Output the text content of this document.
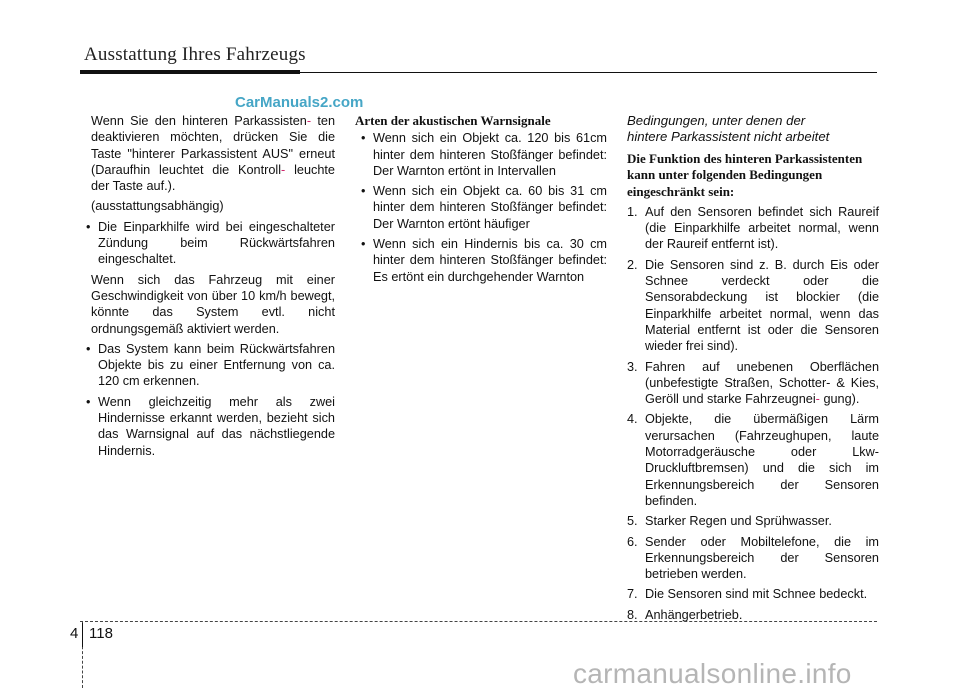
Ausstattung Ihres Fahrzeugs
CarManuals2.com

Wenn Sie den hinteren Parkassisten- ten deaktivieren möchten, drücken Sie die Taste "hinterer Parkassistent AUS" erneut (Daraufhin leuchtet die Kontroll- leuchte der Taste auf.).

(ausstattungsabhängig)

• Die Einparkhilfe wird bei eingeschalteter Zündung beim Rückwärtsfahren eingeschaltet.

Wenn sich das Fahrzeug mit einer Geschwindigkeit von über 10 km/h bewegt, könnte das System evtl. nicht ordnungsgemäß aktiviert werden.

• Das System kann beim Rückwärtsfahren Objekte bis zu einer Entfernung von ca. 120 cm erkennen.
• Wenn gleichzeitig mehr als zwei Hindernisse erkannt werden, bezieht sich das Warnsignal auf das nächstliegende Hindernis.
Arten der akustischen Warnsignale
• Wenn sich ein Objekt ca. 120 bis 61cm hinter dem hinteren Stoßfänger befindet: Der Warnton ertönt in Intervallen
• Wenn sich ein Objekt ca. 60 bis 31 cm hinter dem hinteren Stoßfänger befindet: Der Warnton ertönt häufiger
• Wenn sich ein Hindernis bis ca. 30 cm hinter dem hinteren Stoßfänger befindet: Es ertönt ein durchgehender Warnton
Bedingungen, unter denen der
hintere Parkassistent nicht arbeitet
Die Funktion des hinteren Parkassistenten kann unter folgenden Bedingungen eingeschränkt sein:
1. Auf den Sensoren befindet sich Raureif (die Einparkhilfe arbeitet normal, wenn der Raureif entfernt ist).
2. Die Sensoren sind z. B. durch Eis oder Schnee verdeckt oder die Sensorabdeckung ist blockier (die Einparkhilfe arbeitet normal, wenn das Material entfernt ist oder die Sensoren wieder frei sind).
3. Fahren auf unebenen Oberflächen (unbefestigte Straßen, Schotter- & Kies, Geröll und starke Fahrzeugnei- gung).
4. Objekte, die übermäßigen Lärm verursachen (Fahrzeughupen, laute Motorradgeräusche oder Lkw-Druckluftbremsen) und die sich im Erkennungsbereich der Sensoren befinden.
5. Starker Regen und Sprühwasser.
6. Sender oder Mobiltelefone, die im Erkennungsbereich der Sensoren betrieben werden.
7. Die Sensoren sind mit Schnee bedeckt.
8. Anhängerbetrieb.
4 118
carmanualsonline.info
